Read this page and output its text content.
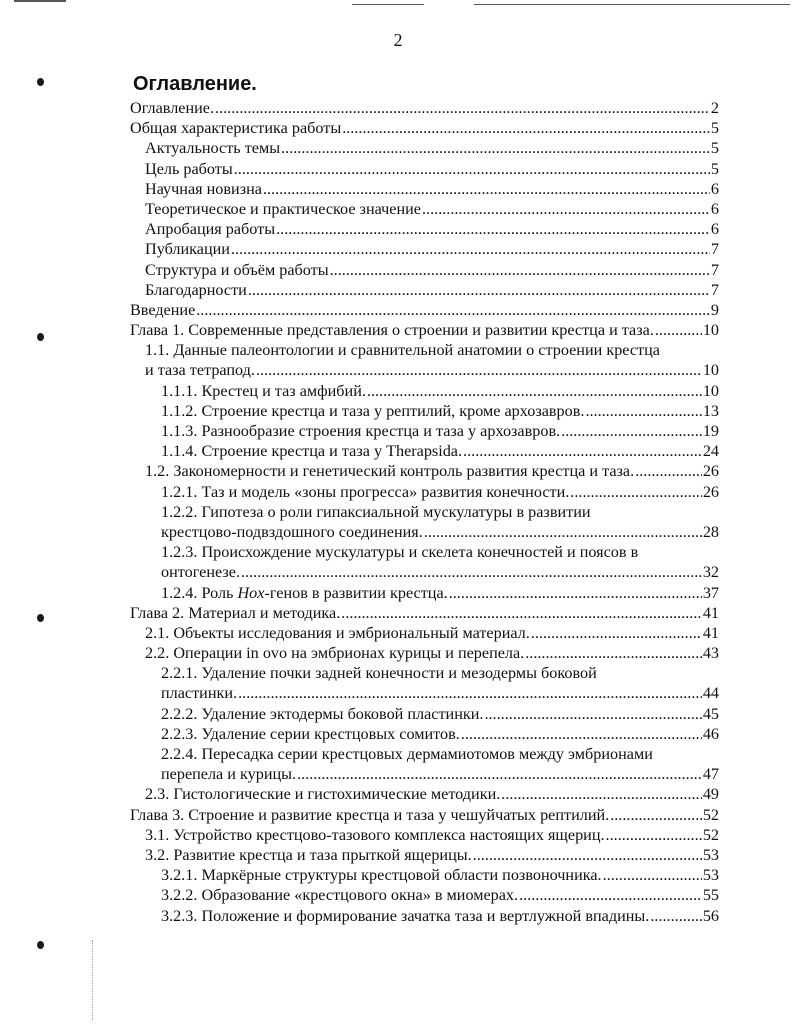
2
Оглавление.
Оглавление. .....	2
Общая характеристика работы .....	5
Актуальность темы .....	5
Цель работы .....	5
Научная новизна .....	6
Теоретическое и практическое значение .....	6
Апробация работы .....	6
Публикации .....	7
Структура и объём работы .....	7
Благодарности .....	7
Введение .....	9
Глава 1. Современные представления о строении и развитии крестца и таза. .....	10
1.1. Данные палеонтологии и сравнительной анатомии о строении крестца
и таза тетрапод. .....	10
1.1.1. Крестец и таз амфибий. .....	10
1.1.2. Строение крестца и таза у рептилий, кроме архозавров. .....	13
1.1.3. Разнообразие строения крестца и таза у архозавров. .....	19
1.1.4. Строение крестца и таза у Therapsida. .....	24
1.2. Закономерности и генетический контроль развития крестца и таза. .....	26
1.2.1. Таз и модель «зоны прогресса» развития конечности. .....	26
1.2.2. Гипотеза о роли гипаксиальной мускулатуры в развитии
крестцово-подвздошного соединения. .....	28
1.2.3. Происхождение мускулатуры и скелета конечностей и поясов в
онтогенезе. .....	32
1.2.4. Роль Hox-генов в развитии крестца. .....	37
Глава 2. Материал и методика. .....	41
2.1. Объекты исследования и эмбриональный материал. .....	41
2.2. Операции in ovo на эмбрионах курицы и перепела. .....	43
2.2.1. Удаление почки задней конечности и мезодермы боковой
пластинки. .....	44
2.2.2. Удаление эктодермы боковой пластинки. .....	45
2.2.3. Удаление серии крестцовых сомитов. .....	46
2.2.4. Пересадка серии крестцовых дермамиотомов между эмбрионами
перепела и курицы. .....	47
2.3. Гистологические и гистохимические методики. .....	49
Глава 3. Строение и развитие крестца и таза у чешуйчатых рептилий. .....	52
3.1. Устройство крестцово-тазового комплекса настоящих ящериц. .....	52
3.2. Развитие крестца и таза прыткой ящерицы. .....	53
3.2.1. Маркёрные структуры крестцовой области позвоночника. .....	53
3.2.2. Образование «крестцового окна» в миомерах. .....	55
3.2.3. Положение и формирование зачатка таза и вертлужной впадины. .....	56
